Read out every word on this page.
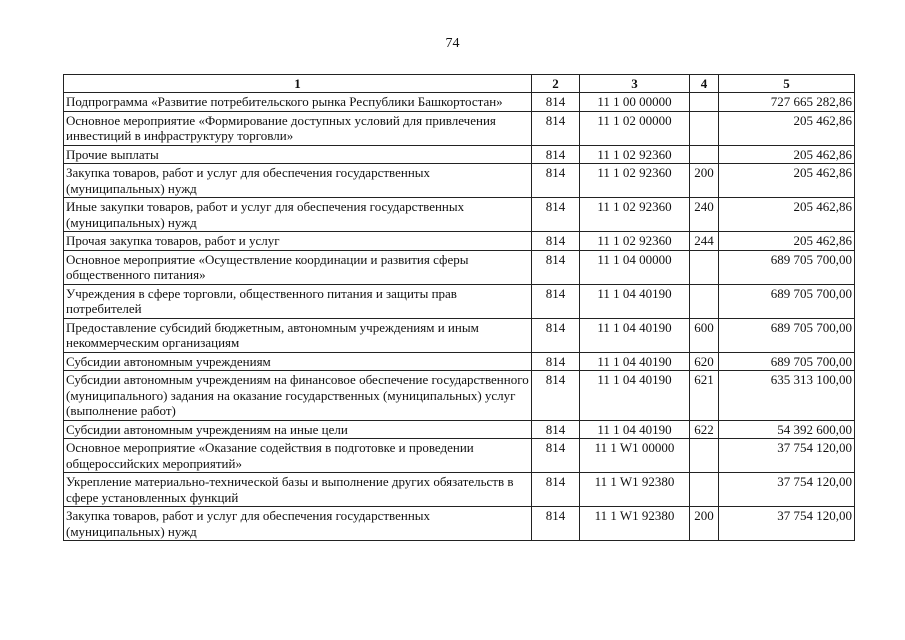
74
1	2	3	4	5
Подпрограмма «Развитие потребительского рынка Республики Башкортостан»	814	11 1 00 00000		727 665 282,86
Основное мероприятие «Формирование доступных условий для привлечения инвестиций в инфраструктуру торговли»	814	11 1 02 00000		205 462,86
Прочие выплаты	814	11 1 02 92360		205 462,86
Закупка товаров, работ и услуг для обеспечения государственных (муниципальных) нужд	814	11 1 02 92360	200	205 462,86
Иные закупки товаров, работ и услуг для обеспечения государственных (муниципальных) нужд	814	11 1 02 92360	240	205 462,86
Прочая закупка товаров, работ и услуг	814	11 1 02 92360	244	205 462,86
Основное мероприятие «Осуществление координации и развития сферы общественного питания»	814	11 1 04 00000		689 705 700,00
Учреждения в сфере торговли, общественного питания и защиты прав потребителей	814	11 1 04 40190		689 705 700,00
Предоставление субсидий бюджетным, автономным учреждениям и иным некоммерческим организациям	814	11 1 04 40190	600	689 705 700,00
Субсидии автономным учреждениям	814	11 1 04 40190	620	689 705 700,00
Субсидии автономным учреждениям на финансовое обеспечение государственного (муниципального) задания на оказание государственных (муниципальных) услуг (выполнение работ)	814	11 1 04 40190	621	635 313 100,00
Субсидии автономным учреждениям на иные цели	814	11 1 04 40190	622	54 392 600,00
Основное мероприятие «Оказание содействия в подготовке и проведении общероссийских мероприятий»	814	11 1 W1 00000		37 754 120,00
Укрепление материально-технической базы и выполнение других обязательств в сфере установленных функций	814	11 1 W1 92380		37 754 120,00
Закупка товаров, работ и услуг для обеспечения государственных (муниципальных) нужд	814	11 1 W1 92380	200	37 754 120,00
